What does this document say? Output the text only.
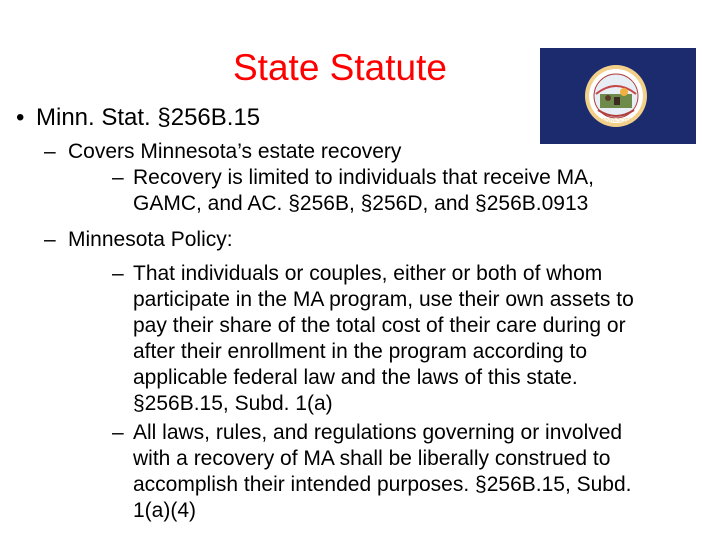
State Statute
MINNESOTA
• Minn. Stat. §256B.15
– Covers Minnesota’s estate recovery
– Recovery is limited to individuals that receive MA,
GAMC, and AC. §256B, §256D, and §256B.0913
– Minnesota Policy:
– That individuals or couples, either or both of whom
participate in the MA program, use their own assets to
pay their share of the total cost of their care during or
after their enrollment in the program according to
applicable federal law and the laws of this state.
§256B.15, Subd. 1(a)
– All laws, rules, and regulations governing or involved
with a recovery of MA shall be liberally construed to
accomplish their intended purposes. §256B.15, Subd.
1(a)(4)
